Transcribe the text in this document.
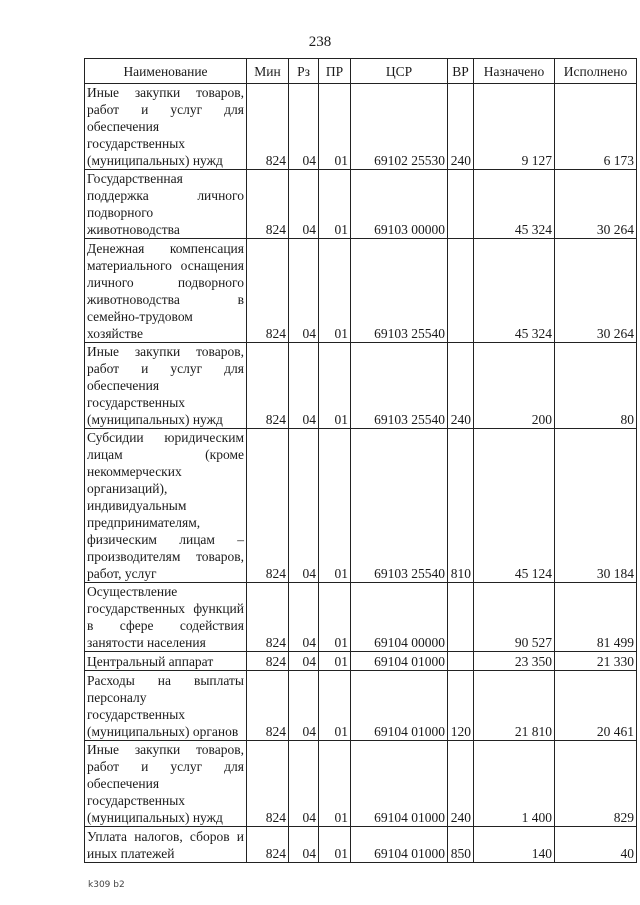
238
Наименование	Мин	Рз	ПР	ЦСР	ВР	Назначено	Исполнено
Иные закупки товаров, работ и услуг для обеспечения государственных (муниципальных) нужд	824	04	01	69102 25530	240	9 127	6 173
Государственная поддержка личного подворного животноводства	824	04	01	69103 00000		45 324	30 264
Денежная компенсация материального оснащения личного подворного животноводства в семейно-трудовом хозяйстве	824	04	01	69103 25540		45 324	30 264
Иные закупки товаров, работ и услуг для обеспечения государственных (муниципальных) нужд	824	04	01	69103 25540	240	200	80
Субсидии юридическим лицам (кроме некоммерческих организаций), индивидуальным предпринимателям, физическим лицам – производителям товаров, работ, услуг	824	04	01	69103 25540	810	45 124	30 184
Осуществление государственных функций в сфере содействия занятости населения	824	04	01	69104 00000		90 527	81 499
Центральный аппарат	824	04	01	69104 01000		23 350	21 330
Расходы на выплаты персоналу государственных (муниципальных) органов	824	04	01	69104 01000	120	21 810	20 461
Иные закупки товаров, работ и услуг для обеспечения государственных (муниципальных) нужд	824	04	01	69104 01000	240	1 400	829
Уплата налогов, сборов и иных платежей	824	04	01	69104 01000	850	140	40
k309 b2
